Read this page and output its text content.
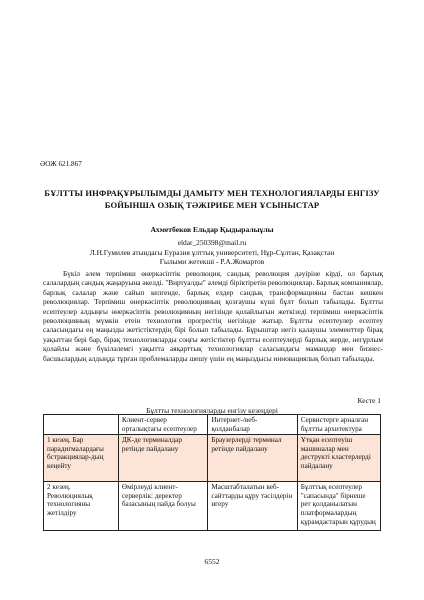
ӘОЖ 621.867
БҰЛТТЫ ИНФРАҚҰРЫЛЫМДЫ ДАМЫТУ МЕН ТЕХНОЛОГИЯЛАРДЫ ЕНГІЗУ
БОЙЫНША ОЗЫҚ ТӘЖІРИБЕ МЕН ҰСЫНЫСТАР
Ахметбеков Ельдар Қыдыралыұлы
eldar_250398@mail.ru
Л.Н.Гумилев атындағы Еуразия ұлттық университеті, Нұр-Сұлтан, Қазақстан
Ғылыми жетекші - Р.А.Жомартов

Бүкіл әлем терпімиш өнеркәсіптік революция, сандық революция дәуіріне кірді, ол барлық салалардың сандық жаңаруына әкелді. "Виртуалды" әлемді біріктіретін революциялар. Барлық компаниялар, барлық салалар және сайып келгенде, барлық елдер сандық трансформацияны бастан кешкен революциялар. Терпімиш өнеркәсіптік революцияның қозғаушы күші бұлт болып табылады. Бұлтты есептеулер алдыңғы өнеркәсіптік революцияның негізінде қолайлығын жеткізеді терпімиш өнеркәсіптік революцияның мүмкін етеін технология прогрестің негізінде жатыр. Бұлтты есептеулер есептеу саласындағы ең маңызды жетістіктердің бірі болып табылады. Бұрыштар негіз қалаушы элементтер бірақ уақыттан бері бар, бірақ технологияларды соңғы жетістіктер бұлтты есептеулерді барлық жерде, негұрлым қолайлы және бүкіләлемгі уақытта аяқарттық технологиялар саласындағы мамандар мен бизнес-басшылардың алдыңда тұрған проблемаларды шешу үшін ең маңыздысы инновациялық болып табылады.

Кесте 1
Бұлтты технологияларды енгізу кезеңдері
	Клиент-сервер орталықтағы есептеулер	Интернет-/веб-қолданбалар	Сервистерге арналған бұлтты архитектура
1 кезең. Бар парадигмалардағы бстракциялар-дың кеңейту	ДК-де терминалдар ретінде пайдалану	Браузерлерді терминал ретінде пайдалану	Ұтқан есептеуіш машиналар мен деструкті кластерлерді пайдалану
2 кезең. Революциялық технологияны жетілдіру	Өмірлеуді клиент-серверлік: деректер базасының пайда болуы	Масштабталатын веб-сайттарды құру тәсілдерін игеру	Бұлттық есептеулер "сапасында" бірнеше рет қолданылатын платформалардың құрамдастарын құрудың
6552
